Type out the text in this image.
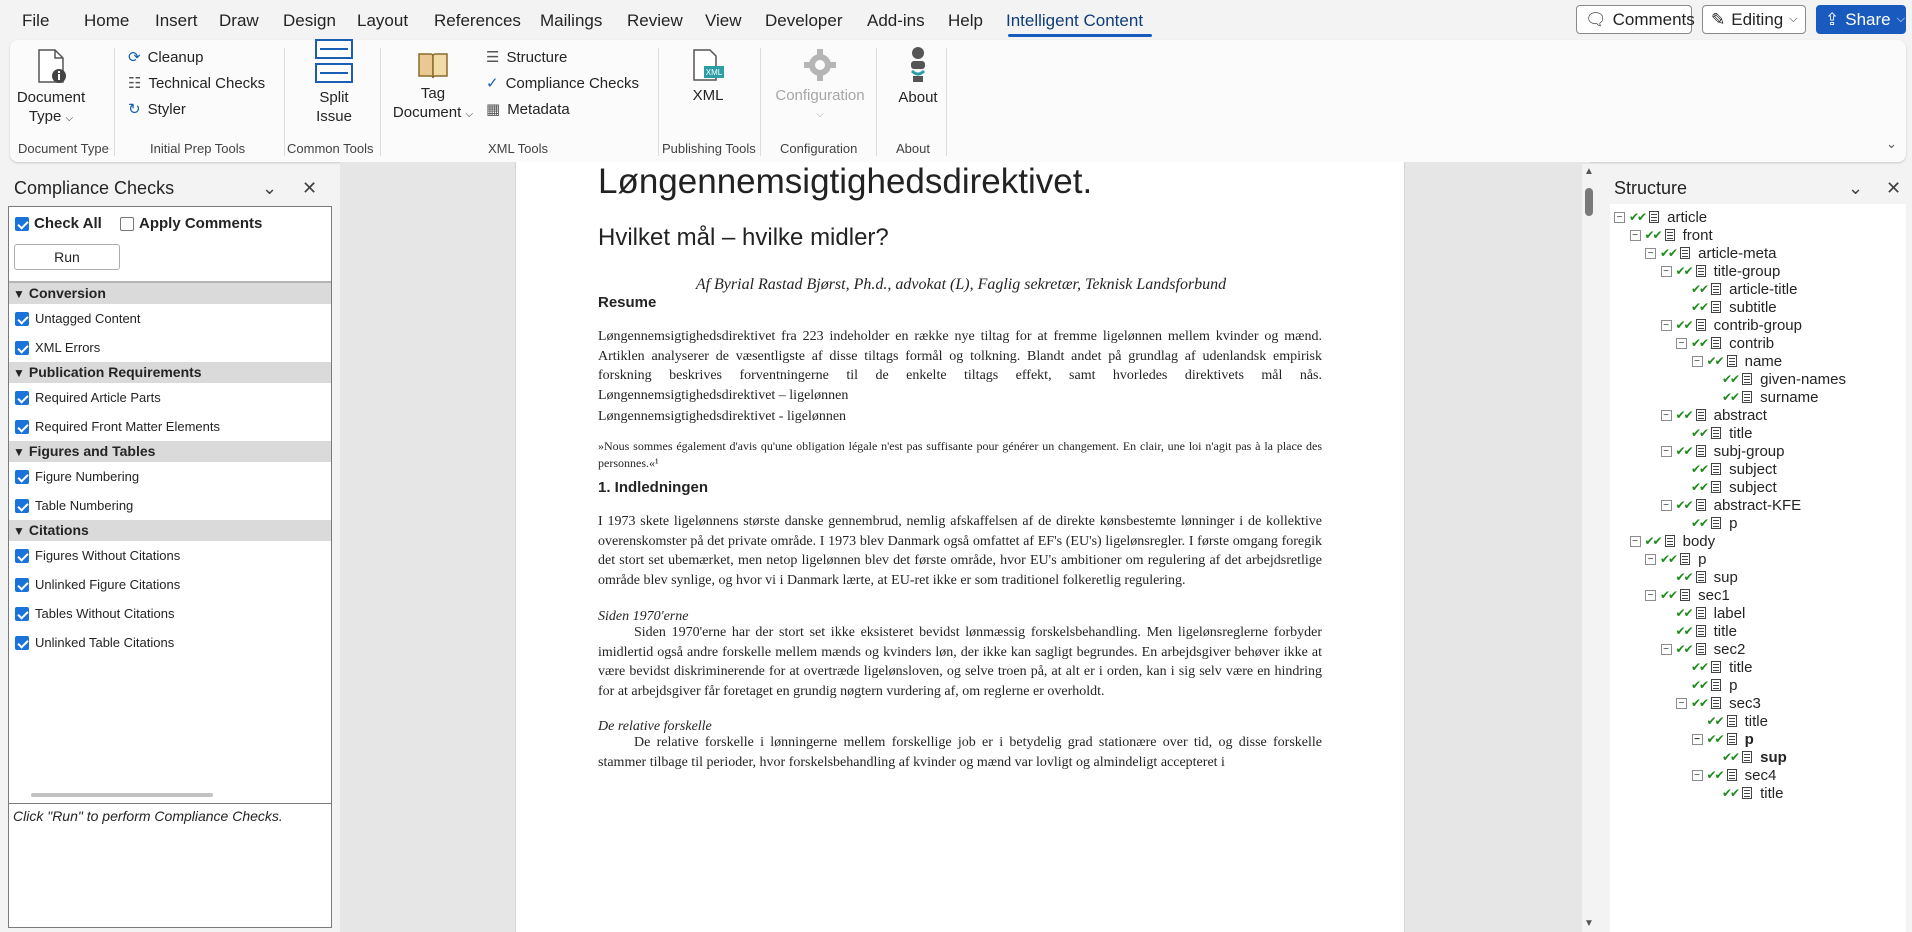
File Home Insert Draw Design Layout References Mailings Review View Developer Add-ins Help Intelligent Content	🗨 Comments ✎ Editing ⌵ ⇪ Share ⌵
Document
Type ⌵
Document Type
⟳ Cleanup
☷ Technical Checks
↻ Styler
Initial Prep Tools
Split
Issue
Common Tools
Tag
Document ⌵
☰ Structure
✓ Compliance Checks
▦ Metadata
XML Tools
XML
XML
Publishing Tools
Configuration
⌵
Configuration
About
About	⌄
Compliance Checks	⌄ ✕
Check All Apply Comments
Run
▼ Conversion
Untagged Content
XML Errors
▼ Publication Requirements
Required Article Parts
Required Front Matter Elements
▼ Figures and Tables
Figure Numbering
Table Numbering
▼ Citations
Figures Without Citations
Unlinked Figure Citations
Tables Without Citations
Unlinked Table Citations
Click "Run" to perform Compliance Checks.
Løngennemsigtighedsdirektivet.
Hvilket mål – hvilke midler?
Af Byrial Rastad Bjørst, Ph.d., advokat (L), Faglig sekretær, Teknisk Landsforbund
Resume
Løngennemsigtighedsdirektivet fra 223 indeholder en række nye tiltag for at fremme ligelønnen mellem kvinder og mænd. Artiklen analyserer de væsentligste af disse tiltags formål og tolkning. Blandt andet på grundlag af udenlandsk empirisk forskning beskrives forventningerne til de enkelte tiltags effekt, samt hvorledes direktivets mål nås. Løngennemsigtighedsdirektivet – ligelønnen
Løngennemsigtighedsdirektivet - ligelønnen
»Nous sommes également d'avis qu'une obligation légale n'est pas suffisante pour générer un changement. En clair, une loi n'agit pas à la place des personnes.«¹
1. Indledningen
I 1973 skete ligelønnens største danske gennembrud, nemlig afskaffelsen af de direkte kønsbestemte lønninger i de kollektive overenskomster på det private område. I 1973 blev Danmark også omfattet af EF's (EU's) ligelønsregler. I første omgang foregik det stort set ubemærket, men netop ligelønnen blev det første område, hvor EU's ambitioner om regulering af det arbejdsretlige område blev synlige, og hvor vi i Danmark lærte, at EU-ret ikke er som traditionel folkeretlig regulering.
Siden 1970'erne
Siden 1970'erne har der stort set ikke eksisteret bevidst lønmæssig forskelsbehandling. Men ligelønsreglerne forbyder imidlertid også andre forskelle mellem mænds og kvinders løn, der ikke kan sagligt begrundes. En arbejdsgiver behøver ikke at være bevidst diskriminerende for at overtræde ligelønsloven, og selve troen på, at alt er i orden, kan i sig selv være en hindring for at arbejdsgiver får foretaget en grundig nøgtern vurdering af, om reglerne er overholdt.
De relative forskelle
De relative forskelle i lønningerne mellem forskellige job er i betydelig grad stationære over tid, og disse forskelle stammer tilbage til perioder, hvor forskelsbehandling af kvinder og mænd var lovligt og almindeligt accepteret i
▲
▼
Structure	⌄ ✕
− ✔✔ article
− ✔✔ front
− ✔✔ article-meta
− ✔✔ title-group
✔✔ article-title
✔✔ subtitle
− ✔✔ contrib-group
− ✔✔ contrib
− ✔✔ name
✔✔ given-names
✔✔ surname
− ✔✔ abstract
✔✔ title
− ✔✔ subj-group
✔✔ subject
✔✔ subject
− ✔✔ abstract-KFE
✔✔ p
− ✔✔ body
− ✔✔ p
✔✔ sup
− ✔✔ sec1
✔✔ label
✔✔ title
− ✔✔ sec2
✔✔ title
✔✔ p
− ✔✔ sec3
✔✔ title
− ✔✔ p
✔✔ sup
− ✔✔ sec4
✔✔ title
